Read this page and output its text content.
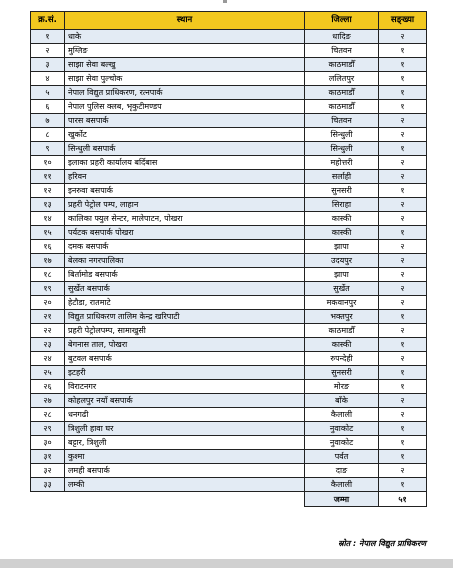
क्र.सं.	स्थान	जिल्ला	सङ्ख्या
१	धाके	धादिङ	२
२	मुग्लिङ	चितवन	१
३	साझा सेवा बल्खु	काठमाडौँ	१
४	साझा सेवा पुल्चोक	ललितपुर	१
५	नेपाल विद्युत प्राधिकरण, रत्नपार्क	काठमाडौँ	१
६	नेपाल पुलिस क्लब, भृकुटीमण्डप	काठमाडौँ	१
७	पारस बसपार्क	चितवन	२
८	खुर्कोट	सिन्धुली	२
९	सिन्धुली बसपार्क	सिन्धुली	१
१०	इलाका प्रहरी कार्यालय बर्दिबास	महोत्तरी	२
११	हरिवन	सर्लाही	२
१२	इनरुवा बसपार्क	सुनसरी	१
१३	प्रहरी पेट्रोल पम्प, लाहान	सिराहा	२
१४	कालिका फ्युल सेन्टर, मालेपाटन, पोखरा	कास्की	२
१५	पर्यटक बसपार्क पोखरा	कास्की	१
१६	दमक बसपार्क	झापा	२
१७	बेलका नगरपालिका	उदयपुर	२
१८	बिर्तामोड बसपार्क	झापा	२
१९	सुर्खेत बसपार्क	सुर्खेत	२
२०	हेटौडा, रातमाटे	मकवानपुर	२
२१	विद्युत प्राधिकरण तालिम केन्द्र खरिपाटी	भक्तपुर	१
२२	प्रहरी पेट्रोलपम्प, सामाखुसी	काठमाडौँ	२
२३	बेगनास ताल, पोखरा	कास्की	१
२४	बुटवल बसपार्क	रुपन्देही	२
२५	इटहरी	सुनसरी	१
२६	विराटनगर	मोरङ	१
२७	कोहलपुर नयाँ बसपार्क	बाँके	२
२८	धनगढी	कैलाली	२
२९	त्रिशुली हावा घर	नुवाकोट	१
३०	बट्टार, त्रिशुली	नुवाकोट	१
३१	कुश्मा	पर्वत	१
३२	लमही बसपार्क	दाङ	२
३३	लम्की	कैलाली	१
		जम्मा	५१
स्रोत : नेपाल विद्युत प्राधिकरण
